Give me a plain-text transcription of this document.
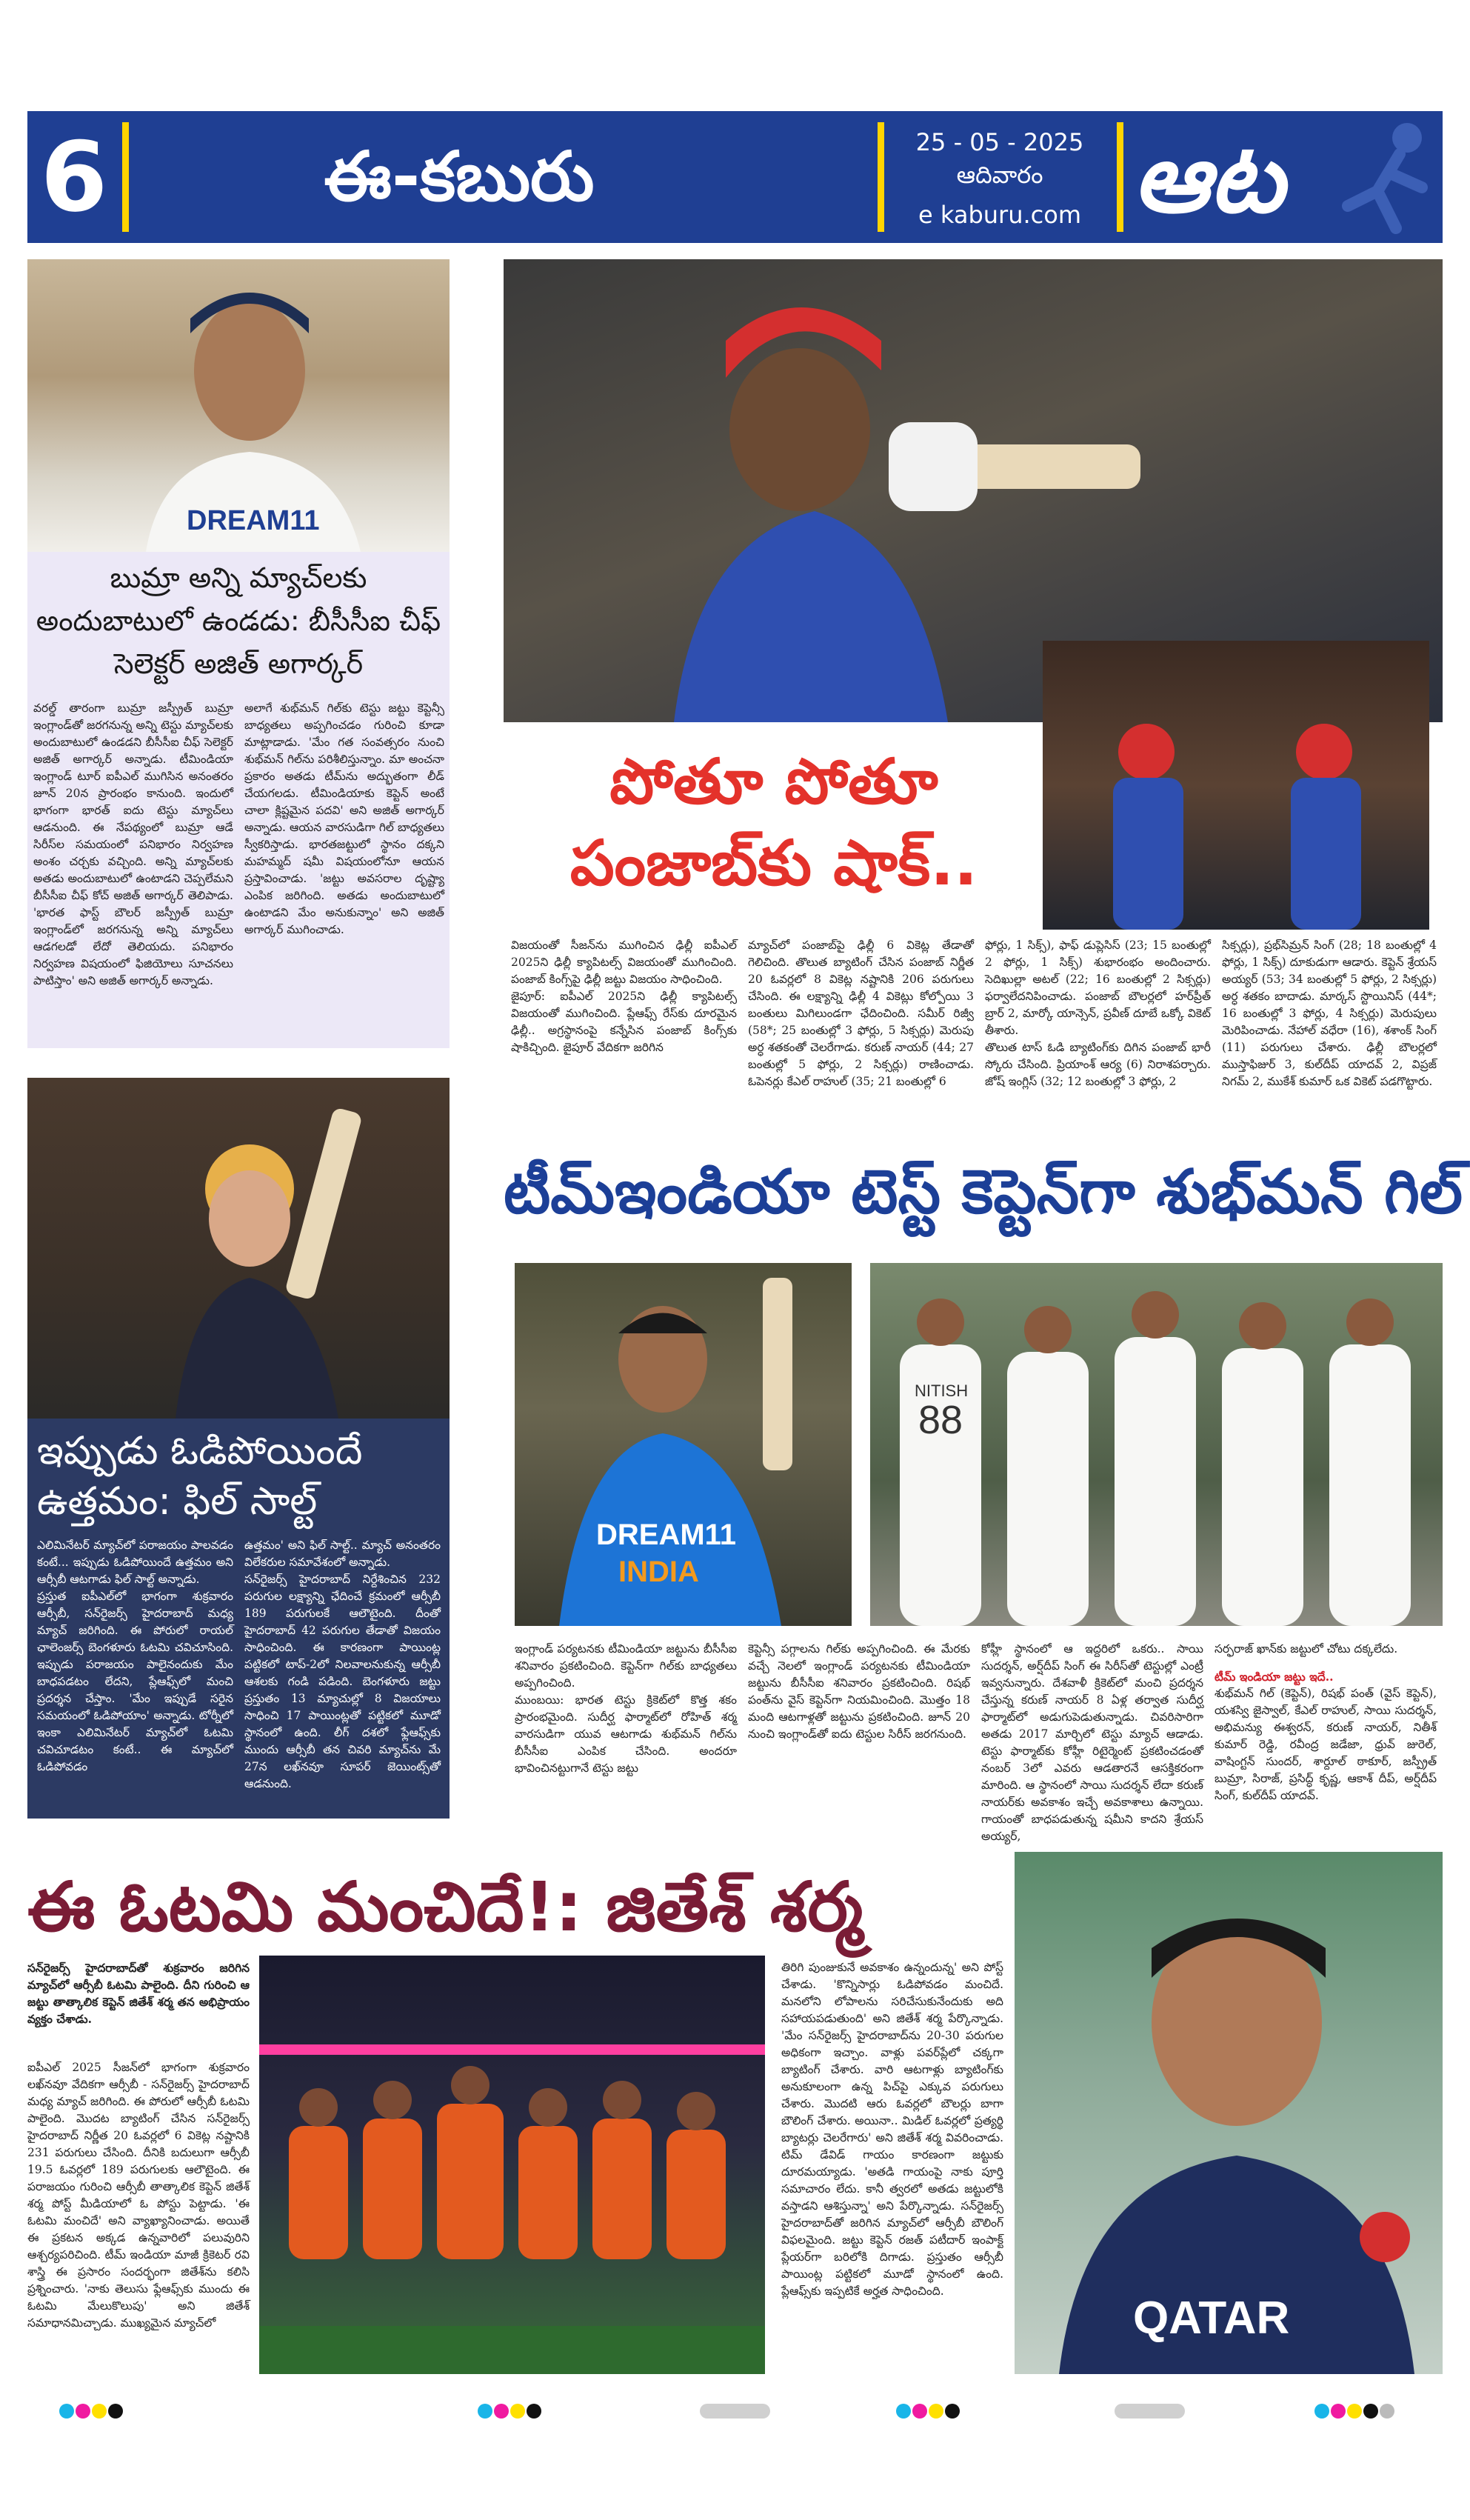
6	ఈ-కబురు	25 - 05 - 2025
ఆదివారం
e kaburu.com ఆట
DREAM11
బుమ్రా అన్ని మ్యాచ్‌లకు అందుబాటులో ఉండడు: బీసీసీఐ చీఫ్ సెలెక్టర్ అజిత్ అగార్కర్
వరల్డ్ తారంగా బుమ్రా జస్ప్రీత్ బుమ్రా ఇంగ్లాండ్‌తో జరగనున్న అన్ని టెస్టు మ్యాచ్‌లకు అందుబాటులో ఉండడని బీసీసీఐ చీఫ్ సెలెక్టర్ అజిత్ అగార్కర్ అన్నాడు. టీమిండియా ఇంగ్లాండ్ టూర్ ఐపీఎల్ ముగిసిన అనంతరం జూన్ 20న ప్రారంభం కానుంది. ఇందులో భాగంగా భారత్ ఐదు టెస్టు మ్యాచ్‌లు ఆడనుంది. ఈ నేపథ్యంలో బుమ్రా ఆడే సిరీస్‌ల సమయంలో పనిభారం నిర్వహణ అంశం చర్చకు వచ్చింది. అన్ని మ్యాచ్‌లకు అతడు అందుబాటులో ఉంటాడని చెప్పలేమని బీసీసీఐ చీఫ్ కోచ్ అజిత్ అగార్కర్ తెలిపాడు. 'భారత ఫాస్ట్ బౌలర్ జస్ప్రీత్ బుమ్రా ఇంగ్లాండ్‌లో జరగనున్న అన్ని మ్యాచ్‌లు ఆడగలడో లేదో తెలియదు. పనిభారం నిర్వహణ విషయంలో ఫిజియోలు సూచనలు పాటిస్తాం' అని అజిత్ అగార్కర్ అన్నాడు.
అలాగే శుభ్‌మన్ గిల్‌కు టెస్టు జట్టు కెప్టెన్సీ బాధ్యతలు అప్పగించడం గురించి కూడా మాట్లాడాడు. 'మేం గత సంవత్సరం నుంచి శుభ్‌మన్ గిల్‌ను పరిశీలిస్తున్నాం. మా అంచనా ప్రకారం అతడు టీమ్‌ను అద్భుతంగా లీడ్ చేయగలడు. టీమిండియాకు కెప్టెన్ అంటే చాలా క్లిష్టమైన పదవి' అని అజిత్ అగార్కర్ అన్నాడు. ఆయన వారసుడిగా గిల్ బాధ్యతలు స్వీకరిస్తాడు. భారతజట్టులో స్థానం దక్కని మహమ్మద్ షమీ విషయంలోనూ ఆయన ప్రస్తావించాడు. 'జట్టు అవసరాల దృష్ట్యా ఎంపిక జరిగింది. అతడు అందుబాటులో ఉంటాడని మేం అనుకున్నాం' అని అజిత్ అగార్కర్ ముగించాడు.
పోతూ పోతూ
పంజాబ్‌కు షాక్..
విజయంతో సీజన్‌ను ముగించిన ఢిల్లీ ఐపీఎల్ 2025ని ఢిల్లీ క్యాపిటల్స్ విజయంతో ముగించింది. పంజాబ్ కింగ్స్‌పై ఢిల్లీ జట్టు విజయం సాధించింది.
జైపూర్: ఐపీఎల్ 2025ని ఢిల్లీ క్యాపిటల్స్ విజయంతో ముగించింది. ప్లేఆఫ్స్ రేస్‌కు దూరమైన ఢిల్లీ.. అగ్రస్థానంపై కన్నేసిన పంజాబ్ కింగ్స్‌కు షాకిచ్చింది. జైపూర్ వేదికగా జరిగిన
మ్యాచ్‌లో పంజాబ్‌పై ఢిల్లీ 6 వికెట్ల తేడాతో గెలిచింది. తొలుత బ్యాటింగ్ చేసిన పంజాబ్ నిర్ణీత 20 ఓవర్లలో 8 వికెట్ల నష్టానికి 206 పరుగులు చేసింది. ఈ లక్ష్యాన్ని ఢిల్లీ 4 వికెట్లు కోల్పోయి 3 బంతులు మిగిలుండగా ఛేదించింది. సమీర్ రిజ్వీ (58*; 25 బంతుల్లో 3 ఫోర్లు, 5 సిక్సర్లు) మెరుపు అర్ధ శతకంతో చెలరేగాడు. కరుణ్ నాయర్ (44; 27 బంతుల్లో 5 ఫోర్లు, 2 సిక్సర్లు) రాణించాడు. ఓపెనర్లు కేఎల్ రాహుల్ (35; 21 బంతుల్లో 6
ఫోర్లు, 1 సిక్స్), ఫాఫ్ డుప్లెసిస్ (23; 15 బంతుల్లో 2 ఫోర్లు, 1 సిక్స్) శుభారంభం అందించారు. సెదిఖుల్లా అటల్ (22; 16 బంతుల్లో 2 సిక్సర్లు) ఫర్వాలేదనిపించాడు. పంజాబ్ బౌలర్లలో హర్‌ప్రీత్ బ్రార్ 2, మార్కో యాన్సెన్, ప్రవీణ్ దూబే ఒక్కో వికెట్ తీశారు.
తొలుత టాస్ ఓడి బ్యాటింగ్‌కు దిగిన పంజాబ్ భారీ స్కోరు చేసింది. ప్రియాంశ్ ఆర్య (6) నిరాశపర్చారు. జోష్ ఇంగ్లిస్ (32; 12 బంతుల్లో 3 ఫోర్లు, 2
సిక్సర్లు), ప్రభ్‌సిమ్రన్ సింగ్ (28; 18 బంతుల్లో 4 ఫోర్లు, 1 సిక్స్) దూకుడుగా ఆడారు. కెప్టెన్ శ్రేయస్ అయ్యర్ (53; 34 బంతుల్లో 5 ఫోర్లు, 2 సిక్సర్లు) అర్ధ శతకం బాదాడు. మార్కస్ స్టొయినిస్ (44*; 16 బంతుల్లో 3 ఫోర్లు, 4 సిక్సర్లు) మెరుపులు మెరిపించాడు. నేహాల్ వధేరా (16), శశాంక్ సింగ్ (11) పరుగులు చేశారు. ఢిల్లీ బౌలర్లలో ముస్తాఫిజుర్ 3, కుల్‌దీప్ యాదవ్ 2, విప్రజ్ నిగమ్ 2, ముకేశ్ కుమార్ ఒక వికెట్ పడగొట్టారు.
ఇప్పుడు ఓడిపోయిందే ఉత్తమం: ఫిల్ సాల్ట్
ఎలిమినేటర్ మ్యాచ్‌లో పరాజయం పాలవడం కంటే... ఇప్పుడు ఓడిపోయిందే ఉత్తమం అని ఆర్సీబీ ఆటగాడు ఫిల్ సాల్ట్ అన్నాడు.
ప్రస్తుత ఐపీఎల్‌లో భాగంగా శుక్రవారం ఆర్సీబీ, సన్‌రైజర్స్ హైదరాబాద్ మధ్య మ్యాచ్ జరిగింది. ఈ పోరులో రాయల్ ఛాలెంజర్స్ బెంగళూరు ఓటమి చవిచూసింది. ఇప్పుడు పరాజయం పాలైనందుకు మేం బాధపడటం లేదని, ప్లేఆఫ్స్‌లో మంచి ప్రదర్శన చేస్తాం. 'మేం ఇప్పుడే సరైన సమయంలో ఓడిపోయాం' అన్నాడు. టోర్నీలో ఇంకా ఎలిమినేటర్ మ్యాచ్‌లో ఓటమి చవిచూడటం కంటే.. ఈ మ్యాచ్‌లో ఓడిపోవడం
ఉత్తమం' అని ఫిల్ సాల్ట్.. మ్యాచ్ అనంతరం విలేకరుల సమావేశంలో అన్నాడు.
సన్‌రైజర్స్ హైదరాబాద్ నిర్దేశించిన 232 పరుగుల లక్ష్యాన్ని ఛేదించే క్రమంలో ఆర్సీబీ 189 పరుగులకే ఆలౌటైంది. దీంతో హైదరాబాద్ 42 పరుగుల తేడాతో విజయం సాధించింది. ఈ కారణంగా పాయింట్ల పట్టికలో టాప్-2లో నిలవాలనుకున్న ఆర్సీబీ ఆశలకు గండి పడింది. బెంగళూరు జట్టు ప్రస్తుతం 13 మ్యాచుల్లో 8 విజయాలు సాధించి 17 పాయింట్లతో పట్టికలో మూడో స్థానంలో ఉంది. లీగ్ దశలో ఫ్లేఆఫ్స్‌కు ముందు ఆర్సీబీ తన చివరి మ్యాచ్‌ను మే 27న లఖ్‌నవూ సూపర్ జెయింట్స్‌తో ఆడనుంది.
టీమ్ఇండియా టెస్ట్ కెప్టెన్‌గా శుభ్‌మన్ గిల్
DREAM11
INDIA
NITISH
88
ఇంగ్లాండ్ పర్యటనకు టీమిండియా జట్టును బీసీసీఐ శనివారం ప్రకటించింది. కెప్టెన్‌గా గిల్‌కు బాధ్యతలు అప్పగించింది.
ముంబయి: భారత టెస్టు క్రికెట్‌లో కొత్త శకం ప్రారంభమైంది. సుదీర్ఘ ఫార్మాట్‌లో రోహిత్ శర్మ వారసుడిగా యువ ఆటగాడు శుభ్‌మన్ గిల్‌ను బీసీసీఐ ఎంపిక చేసింది. అందరూ భావించినట్టుగానే టెస్టు జట్టు
కెప్టెన్సీ పగ్గాలను గిల్‌కు అప్పగించింది. ఈ మేరకు వచ్చే నెలలో ఇంగ్లాండ్ పర్యటనకు టీమిండియా జట్టును బీసీసీఐ శనివారం ప్రకటించింది. రిషభ్ పంత్‌ను వైస్ కెప్టెన్‌గా నియమించింది. మొత్తం 18 మంది ఆటగాళ్లతో జట్టును ప్రకటించింది. జూన్ 20 నుంచి ఇంగ్లాండ్‌తో ఐదు టెస్టుల సిరీస్ జరగనుంది.
కోహ్లీ స్థానంలో ఆ ఇద్దరిలో ఒకరు.. సాయి సుదర్శన్, అర్ష్‌దీప్ సింగ్ ఈ సిరీస్‌తో టెస్టుల్లో ఎంట్రీ ఇవ్వనున్నారు. దేశవాళీ క్రికెట్‌లో మంచి ప్రదర్శన చేస్తున్న కరుణ్ నాయర్ 8 ఏళ్ల తర్వాత సుదీర్ఘ ఫార్మాట్‌లో అడుగుపెడుతున్నాడు. చివరిసారిగా అతడు 2017 మార్చిలో టెస్టు మ్యాచ్ ఆడాడు. టెస్టు ఫార్మాట్‌కు కోహ్లీ రిటైర్మెంట్ ప్రకటించడంతో నంబర్ 3లో ఎవరు ఆడతారనే ఆసక్తికరంగా మారింది. ఆ స్థానంలో సాయి సుదర్శన్ లేదా కరుణ్ నాయర్‌కు అవకాశం ఇచ్చే అవకాశాలు ఉన్నాయి. గాయంతో బాధపడుతున్న షమీని కాదని శ్రేయస్ అయ్యర్,
సర్ఫరాజ్ ఖాన్‌కు జట్టులో చోటు దక్కలేదు.
టీమ్ ఇండియా జట్టు ఇదే..
శుభ్‌మన్ గిల్ (కెప్టెన్), రిషభ్ పంత్ (వైస్ కెప్టెన్), యశస్వి జైస్వాల్, కేఎల్ రాహుల్, సాయి సుదర్శన్, అభిమన్యు ఈశ్వరన్, కరుణ్ నాయర్, నితీశ్ కుమార్ రెడ్డి, రవీంద్ర జడేజా, ధ్రువ్ జురెల్, వాషింగ్టన్ సుందర్, శార్దూల్ ఠాకూర్, జస్ప్రీత్ బుమ్రా, సిరాజ్, ప్రసిద్ధ్ కృష్ణ, ఆకాశ్ దీప్, అర్ష్‌దీప్ సింగ్, కుల్‌దీప్ యాదవ్.
ఈ ఓటమి మంచిదే!: జితేశ్ శర్మ
QATAR
సన్‌రైజర్స్ హైదరాబాద్‌తో శుక్రవారం జరిగిన మ్యాచ్‌లో ఆర్సీబీ ఓటమి పాలైంది. దీని గురించి ఆ జట్టు తాత్కాలిక కెప్టెన్ జితేశ్ శర్మ తన అభిప్రాయం వ్యక్తం చేశాడు.
ఐపీఎల్ 2025 సీజన్‌లో భాగంగా శుక్రవారం లఖ్‌నవూ వేదికగా ఆర్సీబీ - సన్‌రైజర్స్ హైదరాబాద్ మధ్య మ్యాచ్ జరిగింది. ఈ పోరులో ఆర్సీబీ ఓటమి పాలైంది. మొదట బ్యాటింగ్ చేసిన సన్‌రైజర్స్ హైదరాబాద్ నిర్ణీత 20 ఓవర్లలో 6 వికెట్ల నష్టానికి 231 పరుగులు చేసింది. దీనికి బదులుగా ఆర్సీబీ 19.5 ఓవర్లలో 189 పరుగులకు ఆలౌటైంది. ఈ పరాజయం గురించి ఆర్సీబీ తాత్కాలిక కెప్టెన్ జితేశ్ శర్మ పోస్ట్ మీడియాలో ఓ పోస్టు పెట్టాడు. 'ఈ ఓటమి మంచిదే' అని వ్యాఖ్యానించాడు. అయితే ఈ ప్రకటన అక్కడ ఉన్నవారిలో పలువురిని ఆశ్చర్యపరిచింది. టీమ్ ఇండియా మాజీ క్రికెటర్ రవి శాస్త్రి ఈ ప్రసారం సందర్భంగా జితేశ్‌ను కలిసి ప్రశ్నించారు. 'నాకు తెలుసు ఫ్లేఆఫ్స్‌కు ముందు ఈ ఓటమి మేలుకొలుపు' అని జితేశ్ సమాధానమిచ్చాడు. ముఖ్యమైన మ్యాచ్‌లో
తిరిగి పుంజుకునే అవకాశం ఉన్నందున్న' అని పోస్ట్ చేశాడు. 'కొన్నిసార్లు ఓడిపోవడం మంచిదే. మనలోని లోపాలను సరిచేసుకునేందుకు అది సహాయపడుతుంది' అని జితేశ్ శర్మ పేర్కొన్నాడు. 'మేం సన్‌రైజర్స్ హైదరాబాద్‌ను 20-30 పరుగుల అధికంగా ఇచ్చాం. వాళ్లు పవర్‌ప్లేలో చక్కగా బ్యాటింగ్ చేశారు. వారి ఆటగాళ్లు బ్యాటింగ్‌కు అనుకూలంగా ఉన్న పిచ్‌పై ఎక్కువ పరుగులు చేశారు. మొదటి ఆరు ఓవర్లలో బౌలర్లు బాగా బౌలింగ్ చేశారు. అయినా.. మిడిల్ ఓవర్లలో ప్రత్యర్థి బ్యాటర్లు చెలరేగారు' అని జితేశ్ శర్మ వివరించాడు. టిమ్ డేవిడ్ గాయం కారణంగా జట్టుకు దూరమయ్యాడు. 'అతడి గాయంపై నాకు పూర్తి సమాచారం లేదు. కానీ త్వరలో అతడు జట్టులోకి వస్తాడని ఆశిస్తున్నా' అని పేర్కొన్నాడు. సన్‌రైజర్స్ హైదరాబాద్‌తో జరిగిన మ్యాచ్‌లో ఆర్సీబీ బౌలింగ్ విఫలమైంది. జట్టు కెప్టెన్ రజత్ పటీదార్ ఇంపాక్ట్ ప్లేయర్‌గా బరిలోకి దిగాడు. ప్రస్తుతం ఆర్సీబీ పాయింట్ల పట్టికలో మూడో స్థానంలో ఉంది. ప్లేఆఫ్స్‌కు ఇప్పటికే అర్హత సాధించింది.
